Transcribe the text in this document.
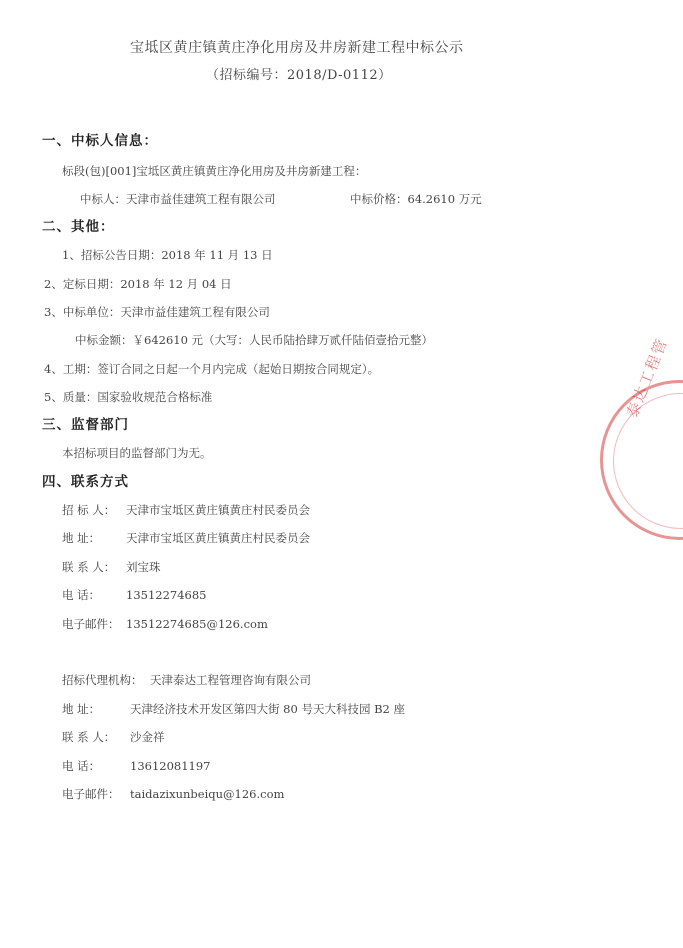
宝坻区黄庄镇黄庄净化用房及井房新建工程中标公示
（招标编号：2018/D-0112）
一、中标人信息：
标段(包)[001]宝坻区黄庄镇黄庄净化用房及井房新建工程：
中标人：天津市益佳建筑工程有限公司	中标价格：64.2610 万元
二、其他：
1、招标公告日期：2018 年 11 月 13 日
2、定标日期：2018 年 12 月 04 日
3、中标单位：天津市益佳建筑工程有限公司
中标金额：￥642610 元（大写：人民币陆拾肆万贰仟陆佰壹拾元整）
4、工期：签订合同之日起一个月内完成（起始日期按合同规定）。
5、质量：国家验收规范合格标准
三、监督部门
本招标项目的监督部门为无。
四、联系方式
招 标 人： 天津市宝坻区黄庄镇黄庄村民委员会
地 址： 天津市宝坻区黄庄镇黄庄村民委员会
联 系 人： 刘宝珠
电 话： 13512274685
电子邮件： 13512274685@126.com
招标代理机构： 天津泰达工程管理咨询有限公司
地 址：	天津经济技术开发区第四大街 80 号天大科技园 B2 座
联 系 人： 沙金祥
电 话：	13612081197
电子邮件： taidazixunbeiqu@126.com
泰达工程管
